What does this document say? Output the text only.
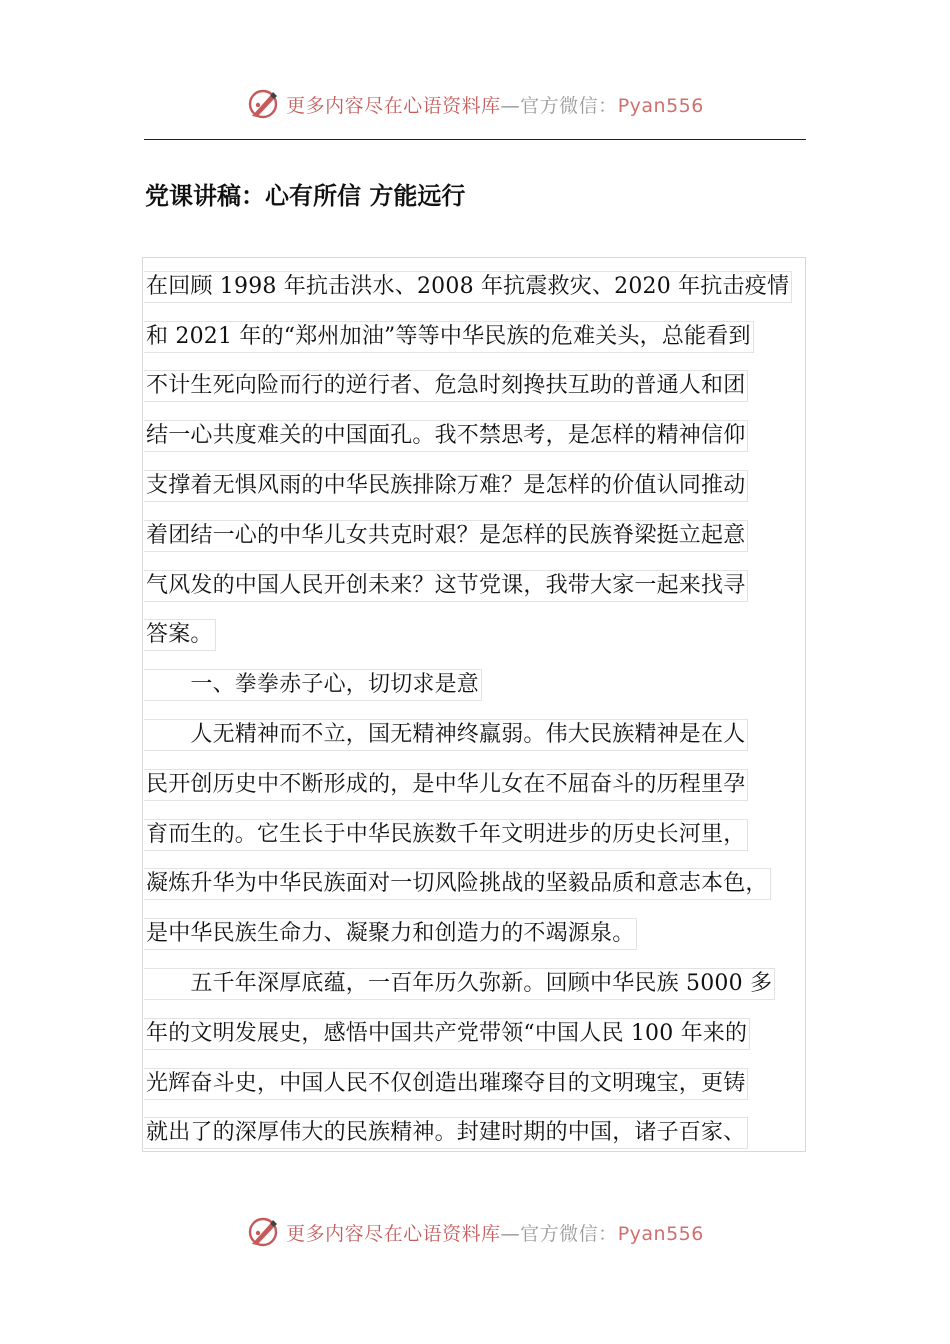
更多内容尽在心语资料库—官方微信：Pyan556
党课讲稿：心有所信 方能远行
在回顾 1998 年抗击洪水、2008 年抗震救灾、2020 年抗击疫情
和 2021 年的“郑州加油”等等中华民族的危难关头，总能看到
不计生死向险而行的逆行者、危急时刻搀扶互助的普通人和团
结一心共度难关的中国面孔。我不禁思考，是怎样的精神信仰
支撑着无惧风雨的中华民族排除万难？是怎样的价值认同推动
着团结一心的中华儿女共克时艰？是怎样的民族脊梁挺立起意
气风发的中国人民开创未来？这节党课，我带大家一起来找寻
答案。
　　一、拳拳赤子心，切切求是意
　　人无精神而不立，国无精神终羸弱。伟大民族精神是在人
民开创历史中不断形成的，是中华儿女在不屈奋斗的历程里孕
育而生的。它生长于中华民族数千年文明进步的历史长河里，
凝炼升华为中华民族面对一切风险挑战的坚毅品质和意志本色，
是中华民族生命力、凝聚力和创造力的不竭源泉。
　　五千年深厚底蕴，一百年历久弥新。回顾中华民族 5000 多
年的文明发展史，感悟中国共产党带领“中国人民 100 年来的
光辉奋斗史，中国人民不仅创造出璀璨夺目的文明瑰宝，更铸
就出了的深厚伟大的民族精神。封建时期的中国，诸子百家、
更多内容尽在心语资料库—官方微信：Pyan556
